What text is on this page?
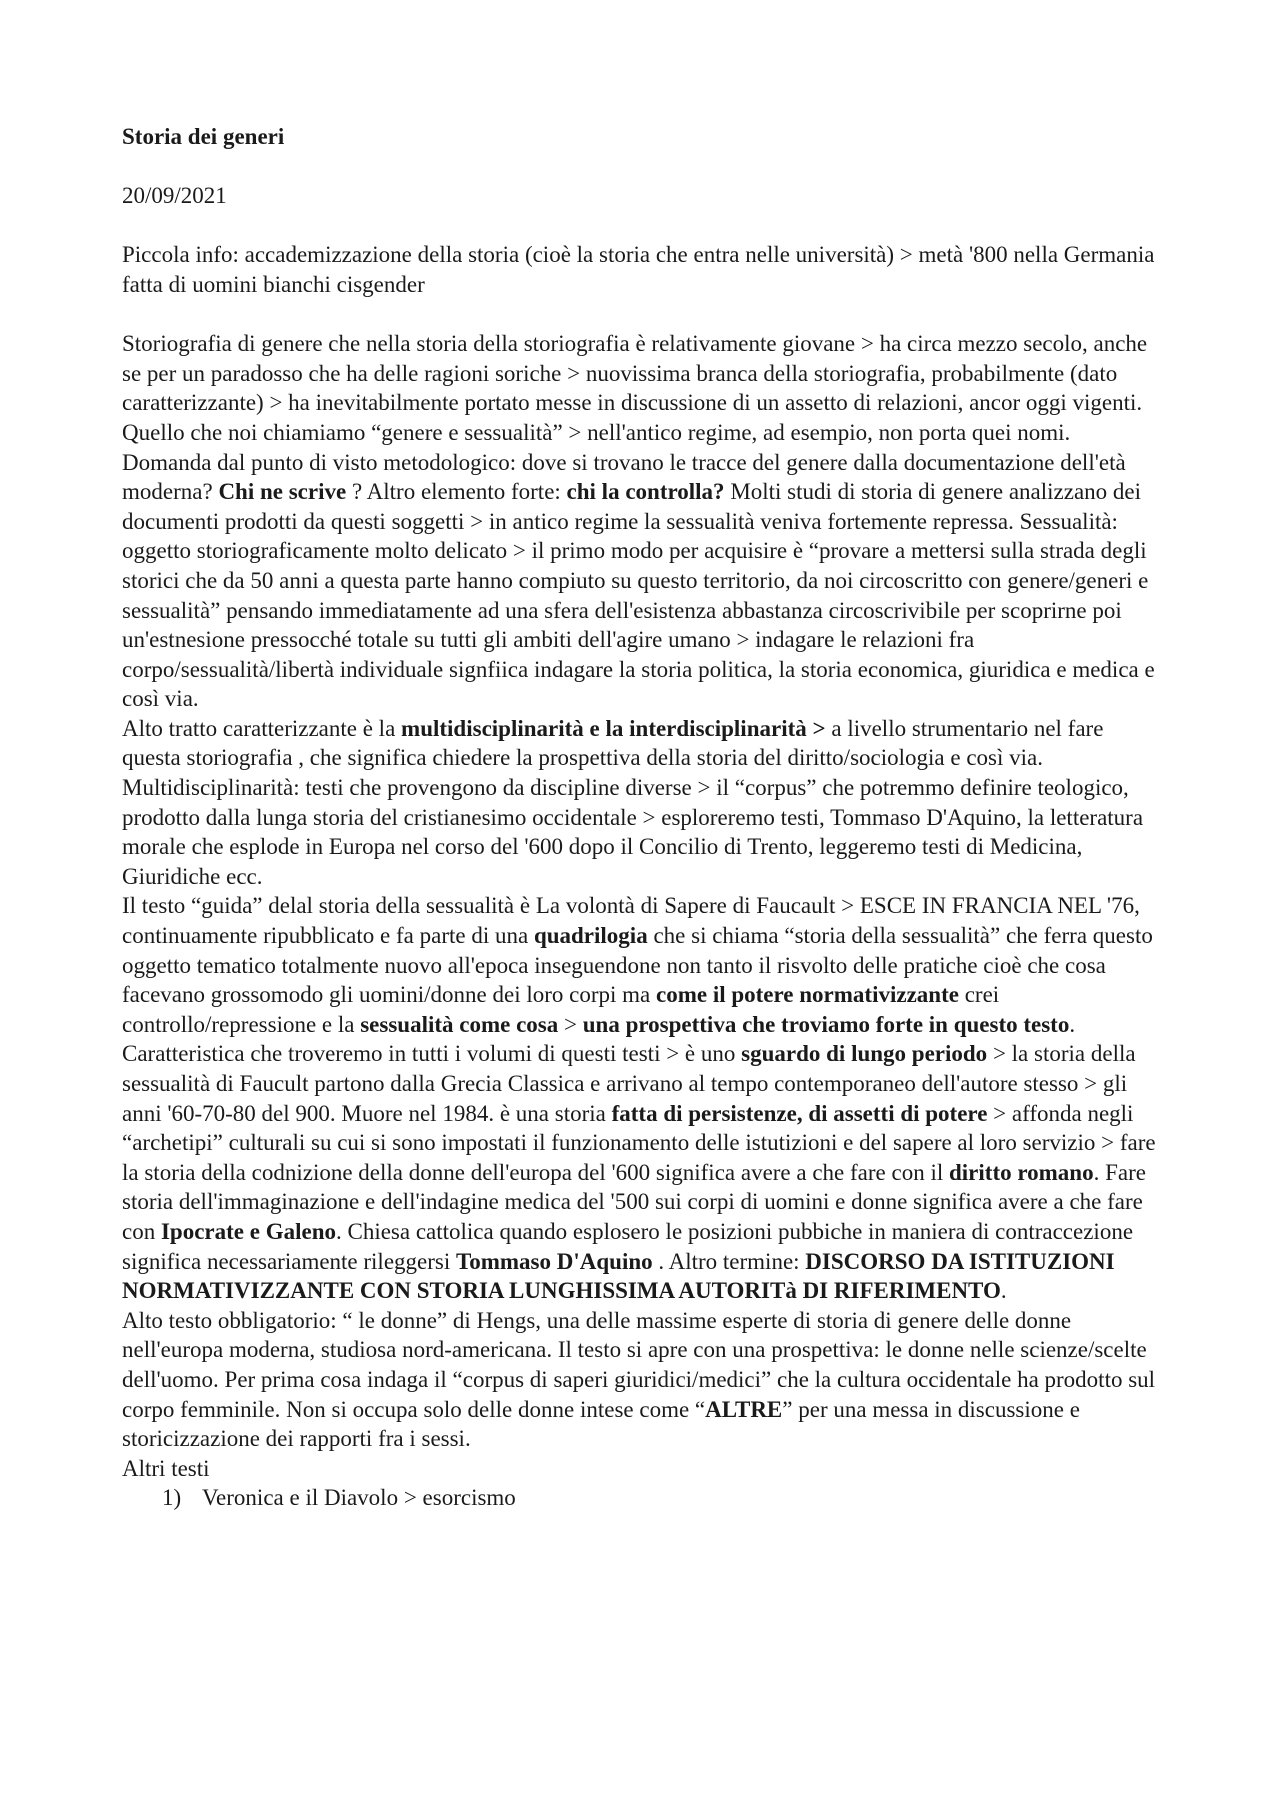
Storia dei generi

20/09/2021

Piccola info: accademizzazione della storia (cioè la storia che entra nelle università) > metà '800 nella Germania fatta di uomini bianchi cisgender

Storiografia di genere che nella storia della storiografia è relativamente giovane > ha circa mezzo secolo, anche se per un paradosso che ha delle ragioni soriche > nuovissima branca della storiografia, probabilmente (dato caratterizzante) > ha inevitabilmente portato messe in discussione di un assetto di relazioni, ancor oggi vigenti.

Quello che noi chiamiamo “genere e sessualità” > nell'antico regime, ad esempio, non porta quei nomi.

Domanda dal punto di visto metodologico: dove si trovano le tracce del genere dalla documentazione dell'età moderna? Chi ne scrive ? Altro elemento forte: chi la controlla? Molti studi di storia di genere analizzano dei documenti prodotti da questi soggetti > in antico regime la sessualità veniva fortemente repressa. Sessualità: oggetto storiograficamente molto delicato > il primo modo per acquisire è “provare a mettersi sulla strada degli storici che da 50 anni a questa parte hanno compiuto su questo territorio, da noi circoscritto con genere/generi e sessualità” pensando immediatamente ad una sfera dell'esistenza abbastanza circoscrivibile per scoprirne poi un'estnesione pressocché totale su tutti gli ambiti dell'agire umano > indagare le relazioni fra corpo/sessualità/libertà individuale signfiica indagare la storia politica, la storia economica, giuridica e medica e così via.

Alto tratto caratterizzante è la multidisciplinarità e la interdisciplinarità > a livello strumentario nel fare questa storiografia , che significa chiedere la prospettiva della storia del diritto/sociologia e così via. Multidisciplinarità: testi che provengono da discipline diverse > il “corpus” che potremmo definire teologico, prodotto dalla lunga storia del cristianesimo occidentale > esploreremo testi, Tommaso D'Aquino, la letteratura morale che esplode in Europa nel corso del '600 dopo il Concilio di Trento, leggeremo testi di Medicina, Giuridiche ecc.

Il testo “guida” delal storia della sessualità è La volontà di Sapere di Faucault > ESCE IN FRANCIA NEL '76, continuamente ripubblicato e fa parte di una quadrilogia che si chiama “storia della sessualità” che ferra questo oggetto tematico totalmente nuovo all'epoca inseguendone non tanto il risvolto delle pratiche cioè che cosa facevano grossomodo gli uomini/donne dei loro corpi ma come il potere normativizzante crei controllo/repressione e la sessualità come cosa > una prospettiva che troviamo forte in questo testo. Caratteristica che troveremo in tutti i volumi di questi testi > è uno sguardo di lungo periodo > la storia della sessualità di Faucult partono dalla Grecia Classica e arrivano al tempo contemporaneo dell'autore stesso > gli anni '60-70-80 del 900. Muore nel 1984. è una storia fatta di persistenze, di assetti di potere > affonda negli “archetipi” culturali su cui si sono impostati il funzionamento delle istutizioni e del sapere al loro servizio > fare la storia della codnizione della donne dell'europa del '600 significa avere a che fare con il diritto romano. Fare storia dell'immaginazione e dell'indagine medica del '500 sui corpi di uomini e donne significa avere a che fare con Ipocrate e Galeno. Chiesa cattolica quando esplosero le posizioni pubbiche in maniera di contraccezione significa necessariamente rileggersi Tommaso D'Aquino . Altro termine: DISCORSO DA ISTITUZIONI NORMATIVIZZANTE CON STORIA LUNGHISSIMA AUTORITà DI RIFERIMENTO.

Alto testo obbligatorio: “ le donne” di Hengs, una delle massime esperte di storia di genere delle donne nell'europa moderna, studiosa nord-americana. Il testo si apre con una prospettiva: le donne nelle scienze/scelte dell'uomo. Per prima cosa indaga il “corpus di saperi giuridici/medici” che la cultura occidentale ha prodotto sul corpo femminile. Non si occupa solo delle donne intese come “ALTRE” per una messa in discussione e storicizzazione dei rapporti fra i sessi.

Altri testi

1) Veronica e il Diavolo > esorcismo
